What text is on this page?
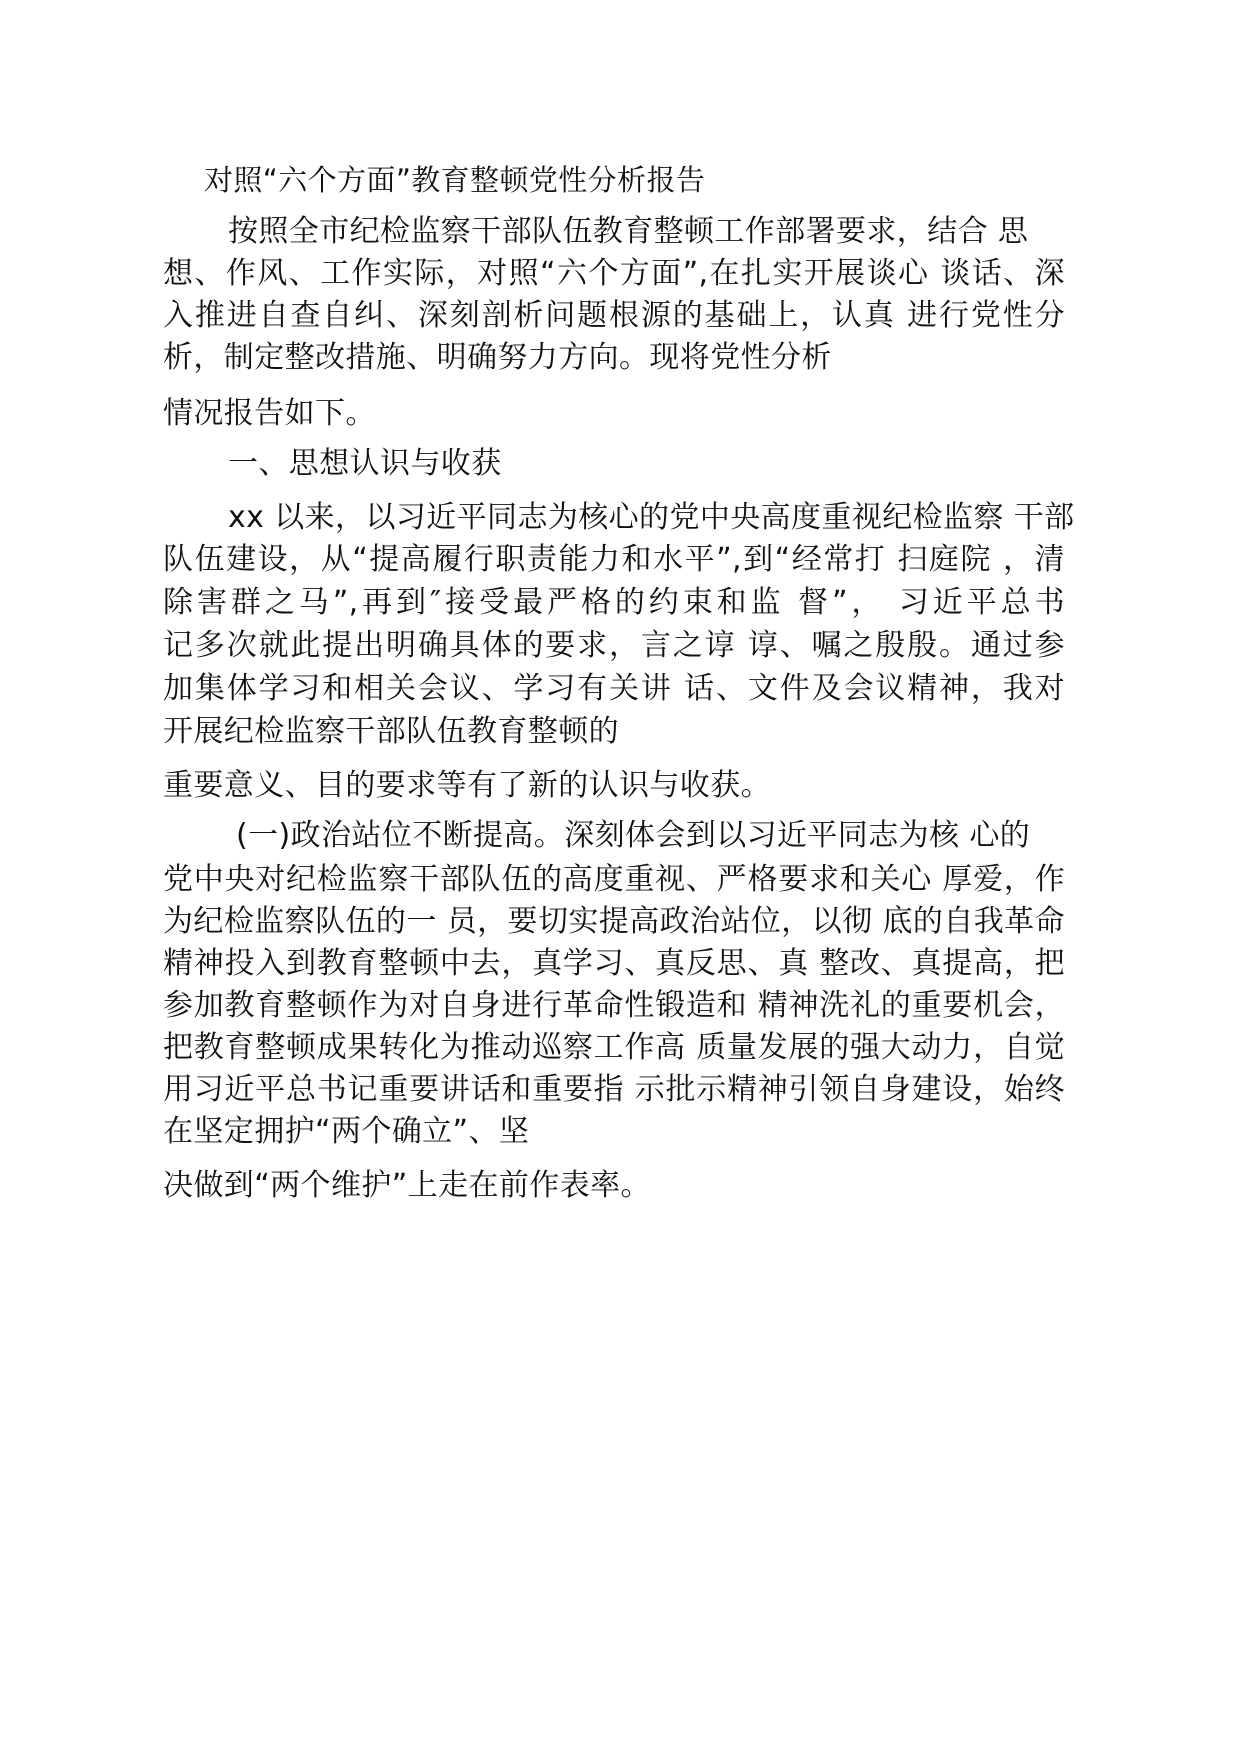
对照“六个方面”教育整顿党性分析报告
按照全市纪检监察干部队伍教育整顿工作部署要求，结合 思
想、作风、工作实际，对照“六个方面”,在扎实开展谈心 谈话、深
入推进自查自纠、深刻剖析问题根源的基础上，认真 进行党性分
析，制定整改措施、明确努力方向。现将党性分析
情况报告如下。
一、思想认识与收获
xx 以来，以习近平同志为核心的党中央高度重视纪检监察 干部
队伍建设，从“提高履行职责能力和水平”,到“经常打 扫庭院 ，清
除害群之马”,再到″接受最严格的约束和监 督”， 习近平总书
记多次就此提出明确具体的要求，言之谆 谆、嘱之殷殷。通过参
加集体学习和相关会议、学习有关讲 话、文件及会议精神，我对
开展纪检监察干部队伍教育整顿的
重要意义、目的要求等有了新的认识与收获。
(一)政治站位不断提高。深刻体会到以习近平同志为核 心的
党中央对纪检监察干部队伍的高度重视、严格要求和关心 厚爱，作
为纪检监察队伍的一 员，要切实提高政治站位，以彻 底的自我革命
精神投入到教育整顿中去，真学习、真反思、真 整改、真提高，把
参加教育整顿作为对自身进行革命性锻造和 精神洗礼的重要机会，
把教育整顿成果转化为推动巡察工作高 质量发展的强大动力，自觉
用习近平总书记重要讲话和重要指 示批示精神引领自身建设，始终
在坚定拥护“两个确立”、坚
决做到“两个维护”上走在前作表率。
